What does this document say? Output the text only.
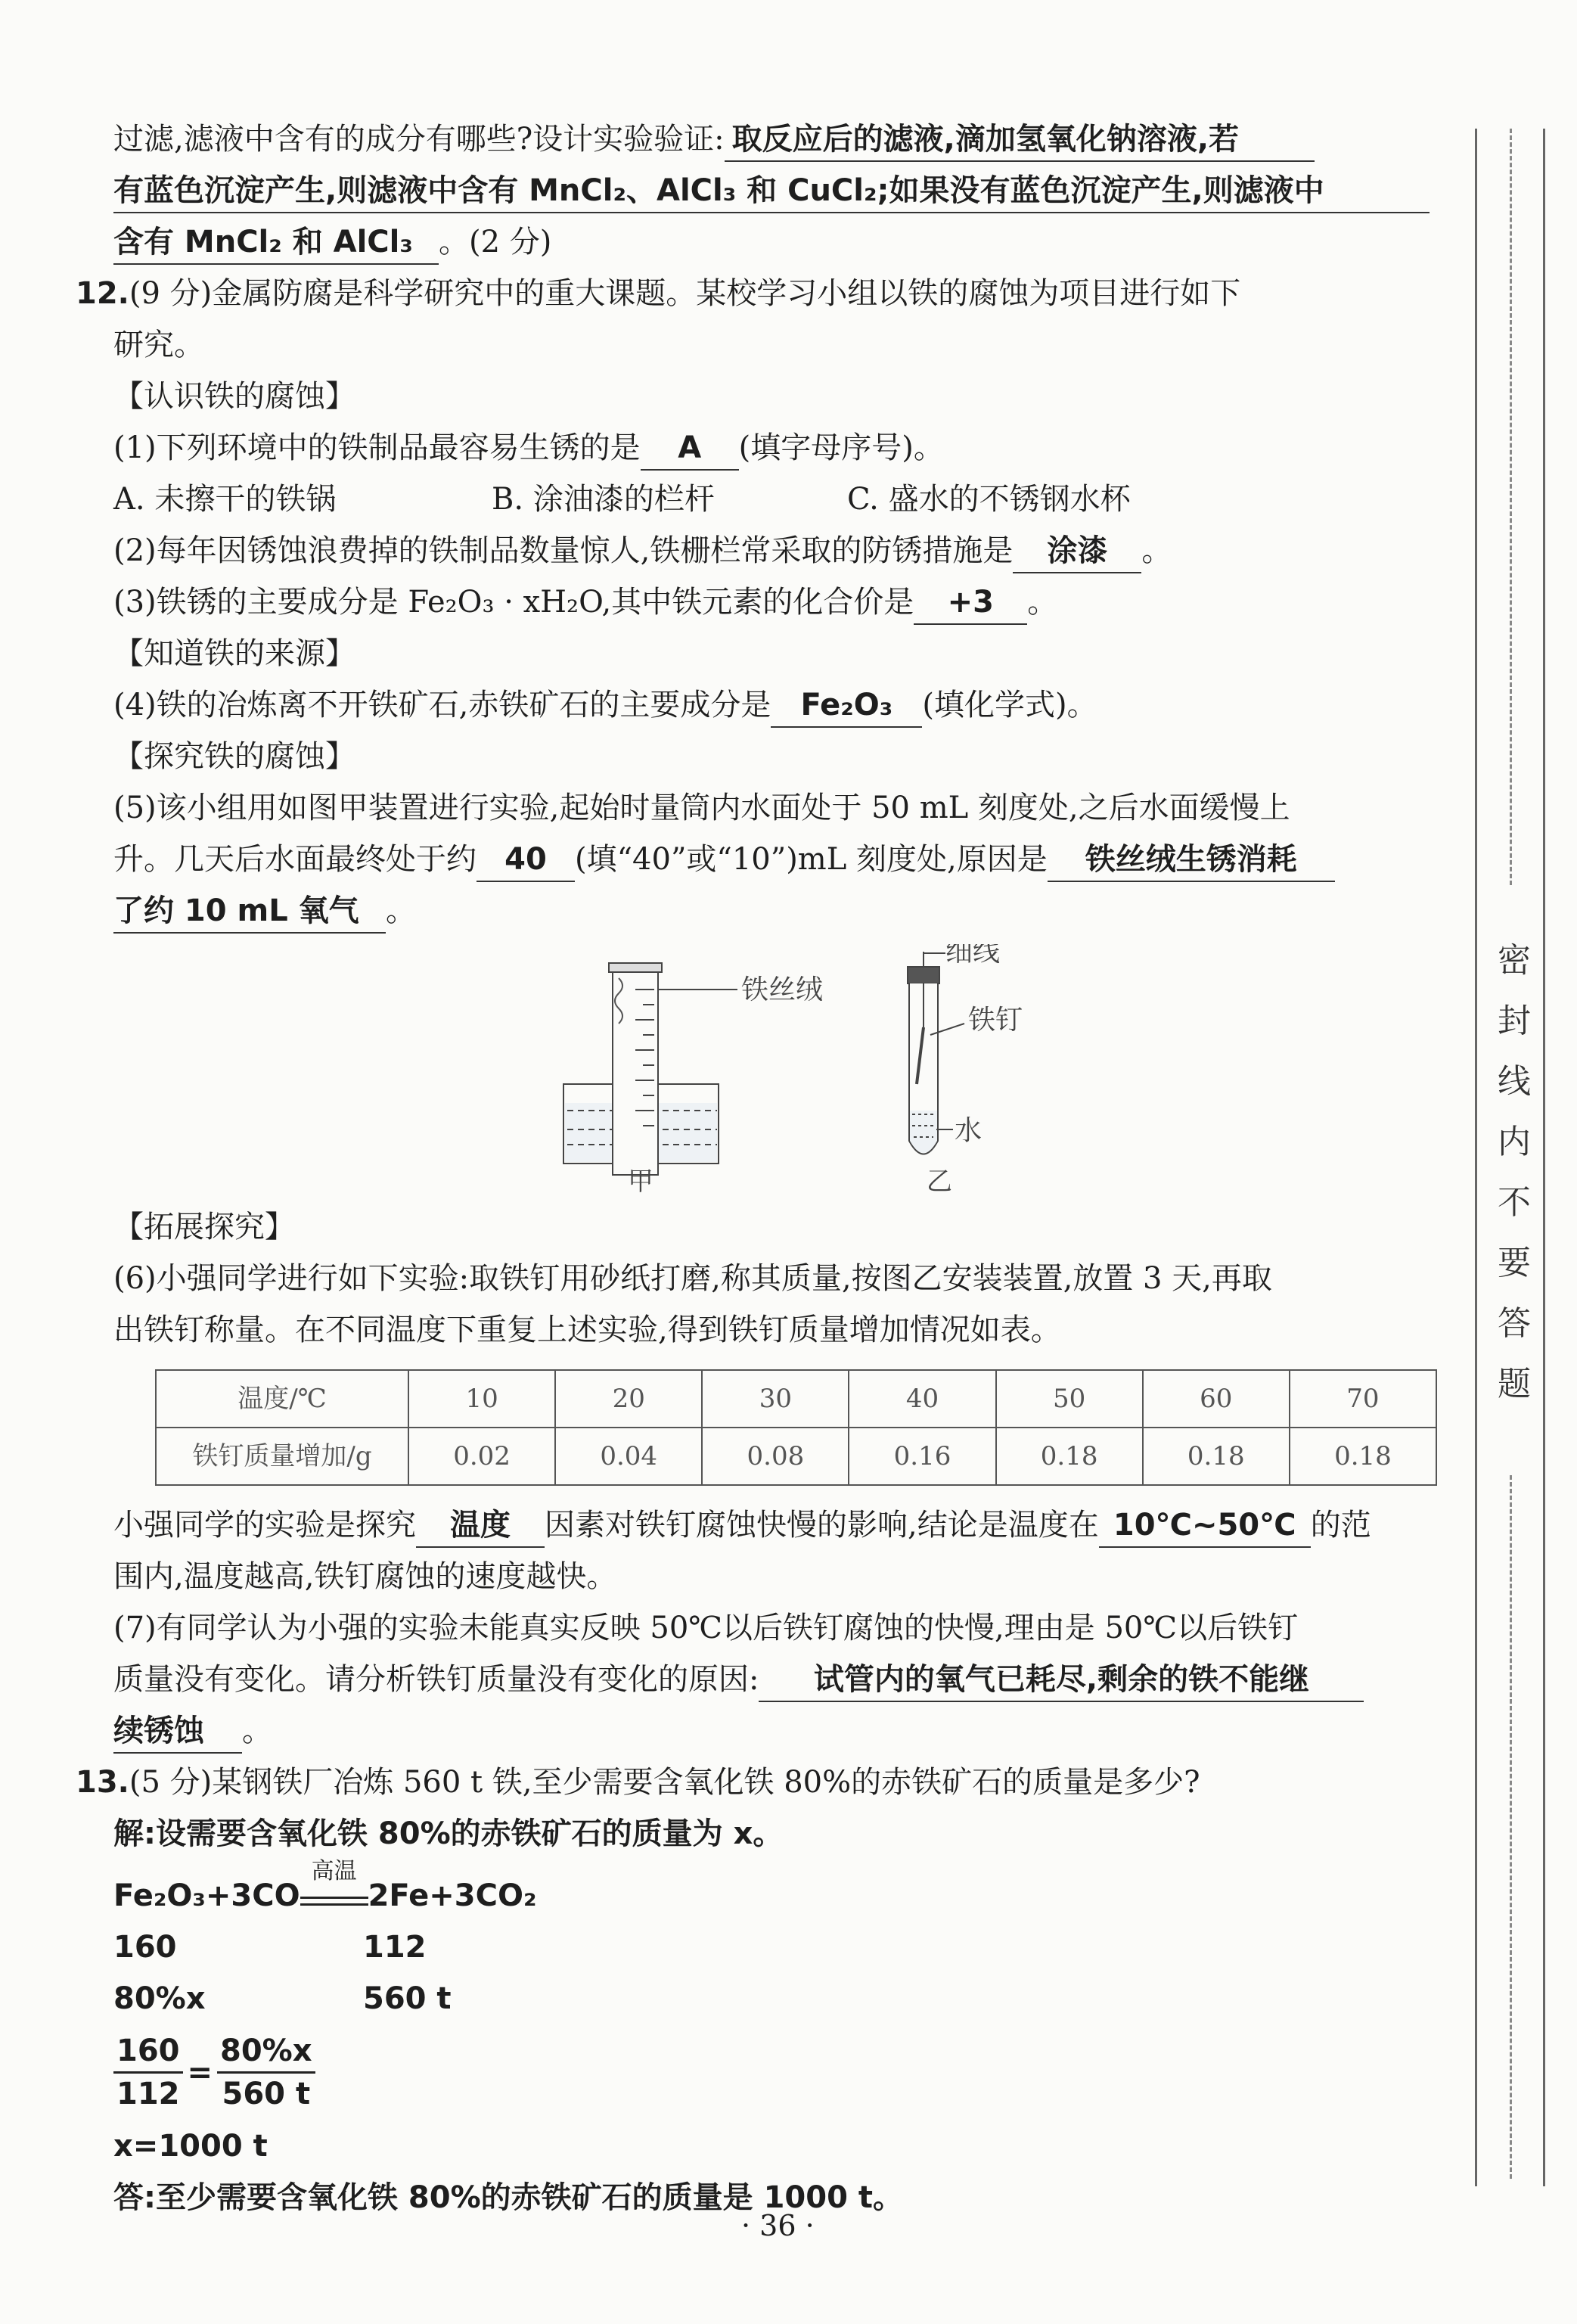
过滤,滤液中含有的成分有哪些?设计实验验证: 取反应后的滤液,滴加氢氧化钠溶液,若
有蓝色沉淀产生,则滤液中含有 MnCl₂、AlCl₃ 和 CuCl₂;如果没有蓝色沉淀产生,则滤液中
含有 MnCl₂ 和 AlCl₃ 。(2 分)
12.(9 分)金属防腐是科学研究中的重大课题。某校学习小组以铁的腐蚀为项目进行如下
研究。
【认识铁的腐蚀】
(1)下列环境中的铁制品最容易生锈的是 A (填字母序号)。
A. 未擦干的铁锅	B. 涂油漆的栏杆	C. 盛水的不锈钢水杯
(2)每年因锈蚀浪费掉的铁制品数量惊人,铁栅栏常采取的防锈措施是 涂漆 。
(3)铁锈的主要成分是 Fe₂O₃ · xH₂O,其中铁元素的化合价是 +3 。
【知道铁的来源】
(4)铁的冶炼离不开铁矿石,赤铁矿石的主要成分是 Fe₂O₃ (填化学式)。
【探究铁的腐蚀】
(5)该小组用如图甲装置进行实验,起始时量筒内水面处于 50 mL 刻度处,之后水面缓慢上
升。几天后水面最终处于约 40 (填“40”或“10”)mL 刻度处,原因是 铁丝绒生锈消耗
了约 10 mL 氧气 。
铁丝绒
甲
细线
铁钉
水
乙
【拓展探究】
(6)小强同学进行如下实验:取铁钉用砂纸打磨,称其质量,按图乙安装装置,放置 3 天,再取
出铁钉称量。在不同温度下重复上述实验,得到铁钉质量增加情况如表。
温度/℃	10	20	30	40	50	60	70
铁钉质量增加/g	0.02	0.04	0.08	0.16	0.18	0.18	0.18
小强同学的实验是探究 温度 因素对铁钉腐蚀快慢的影响,结论是温度在 10℃~50℃ 的范
围内,温度越高,铁钉腐蚀的速度越快。
(7)有同学认为小强的实验未能真实反映 50℃以后铁钉腐蚀的快慢,理由是 50℃以后铁钉
质量没有变化。请分析铁钉质量没有变化的原因: 试管内的氧气已耗尽,剩余的铁不能继
续锈蚀 。
13.(5 分)某钢铁厂冶炼 560 t 铁,至少需要含氧化铁 80%的赤铁矿石的质量是多少?
解:设需要含氧化铁 80%的赤铁矿石的质量为 x。
Fe₂O₃+3CO
高温
2Fe+3CO₂
160	112
80%x	560 t
$\frac{160}{112} = \frac{80\%x}{560 t}$
x=1000 t
答:至少需要含氧化铁 80%的赤铁矿石的质量是 1000 t。
· 36 ·
密
封
线
内
不
要
答
题
